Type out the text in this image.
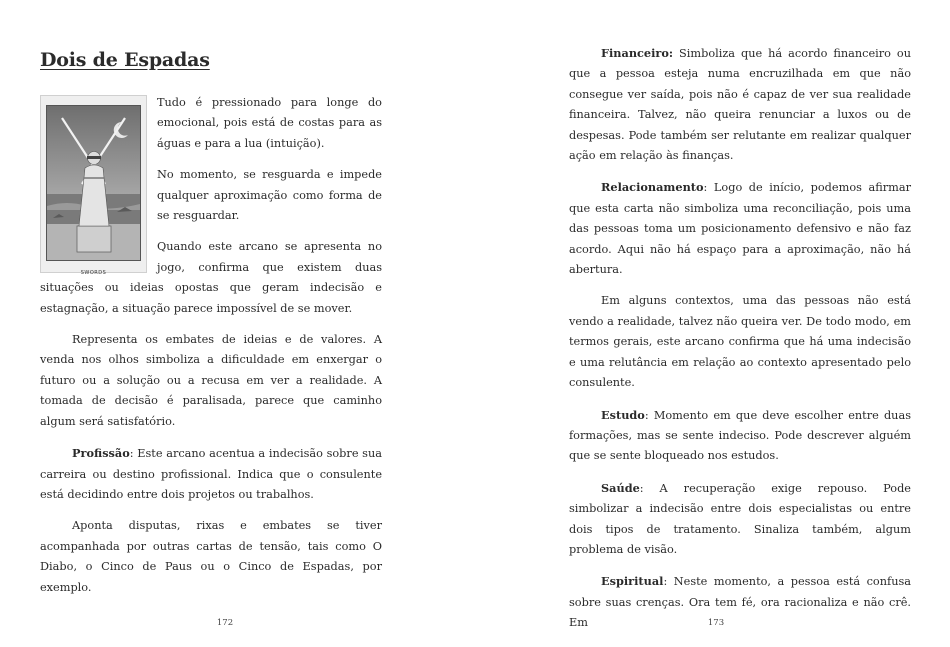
Dois de Espadas
SWORDS

Tudo é pressionado para longe do emocional, pois está de costas para as águas e para a lua (intuição).

No momento, se resguarda e impede qualquer aproximação como forma de se resguardar.

Quando este arcano se apresenta no jogo, confirma que existem duas situações ou ideias opostas que geram indecisão e estagnação, a situação parece impossível de se mover.

Representa os embates de ideias e de valores. A venda nos olhos simboliza a dificuldade em enxergar o futuro ou a solução ou a recusa em ver a realidade. A tomada de decisão é paralisada, parece que caminho algum será satisfatório.

Profissão: Este arcano acentua a indecisão sobre sua carreira ou destino profissional. Indica que o consulente está decidindo entre dois projetos ou trabalhos.

Aponta disputas, rixas e embates se tiver acompanhada por outras cartas de tensão, tais como O Diabo, o Cinco de Paus ou o Cinco de Espadas, por exemplo.

172

Financeiro: Simboliza que há acordo financeiro ou que a pessoa esteja numa encruzilhada em que não consegue ver saída, pois não é capaz de ver sua realidade financeira. Talvez, não queira renunciar a luxos ou de despesas. Pode também ser relutante em realizar qualquer ação em relação às finanças.

Relacionamento: Logo de início, podemos afirmar que esta carta não simboliza uma reconciliação, pois uma das pessoas toma um posicionamento defensivo e não faz acordo. Aqui não há espaço para a aproximação, não há abertura.

Em alguns contextos, uma das pessoas não está vendo a realidade, talvez não queira ver. De todo modo, em termos gerais, este arcano confirma que há uma indecisão e uma relutância em relação ao contexto apresentado pelo consulente.

Estudo: Momento em que deve escolher entre duas formações, mas se sente indeciso. Pode descrever alguém que se sente bloqueado nos estudos.

Saúde: A recuperação exige repouso. Pode simbolizar a indecisão entre dois especialistas ou entre dois tipos de tratamento. Sinaliza também, algum problema de visão.

Espiritual: Neste momento, a pessoa está confusa sobre suas crenças. Ora tem fé, ora racionaliza e não crê. Em	173
